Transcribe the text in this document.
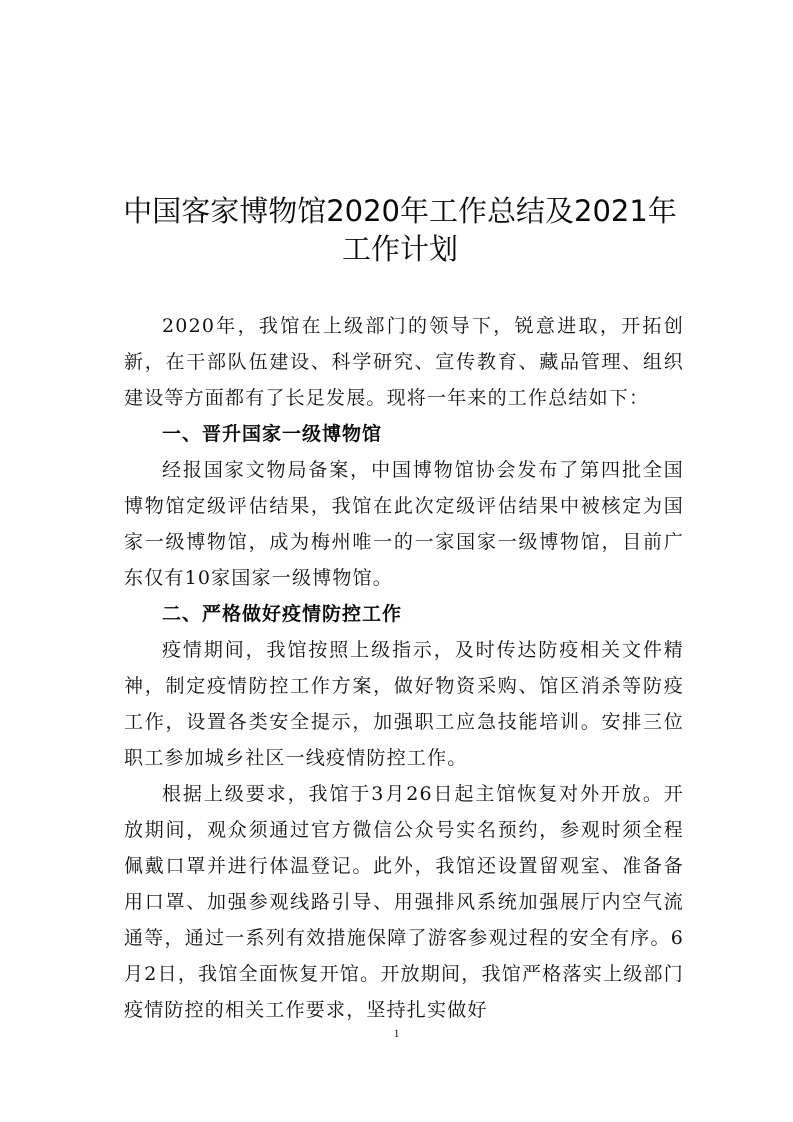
中国客家博物馆2020年工作总结及2021年
工作计划

2020年，我馆在上级部门的领导下，锐意进取，开拓创新，在干部队伍建设、科学研究、宣传教育、藏品管理、组织建设等方面都有了长足发展。现将一年来的工作总结如下：

一、晋升国家一级博物馆

经报国家文物局备案，中国博物馆协会发布了第四批全国博物馆定级评估结果，我馆在此次定级评估结果中被核定为国家一级博物馆，成为梅州唯一的一家国家一级博物馆，目前广东仅有10家国家一级博物馆。

二、严格做好疫情防控工作

疫情期间，我馆按照上级指示，及时传达防疫相关文件精神，制定疫情防控工作方案，做好物资采购、馆区消杀等防疫工作，设置各类安全提示，加强职工应急技能培训。安排三位职工参加城乡社区一线疫情防控工作。

根据上级要求，我馆于3月26日起主馆恢复对外开放。开放期间，观众须通过官方微信公众号实名预约，参观时须全程佩戴口罩并进行体温登记。此外，我馆还设置留观室、准备备用口罩、加强参观线路引导、用强排风系统加强展厅内空气流通等，通过一系列有效措施保障了游客参观过程的安全有序。6月2日，我馆全面恢复开馆。开放期间，我馆严格落实上级部门疫情防控的相关工作要求，坚持扎实做好

1
